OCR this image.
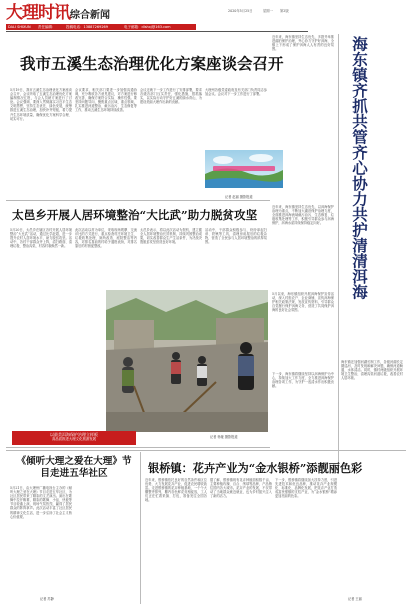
大理时讯 综合新闻
DALI SHIXUN 责任编辑：	投稿电话：13887269269	电子邮箱：dlshxj@163.com
2020年5月25日	星期一 第2版
我市五溪生态治理优化方案座谈会召开
5月19日，我市五溪生态治理优化方案座谈会召开，会议听取了五溪生态治理优化方案编制情况汇报，与会人员就方案进行了讨论。会议强调，要深入贯彻落实习近平生态文明思想，坚持生态优先、绿色发展，统筹推进五溪生态治理，加快补齐短板，着力提升生态环境质量，确保优化方案科学合理、切实可行。
会议要求，相关部门要进一步加强沟通协调，充分吸收各方意见建议，对方案进行修改完善，确保方案符合实际、操作性强。要坚持问题导向，聚焦重点区域、重点领域，扎实推进河道整治、截污治污、生态修复等工作，推动五溪生态环境持续改善。
会议还就下一步工作进行了安排部署，要求各级各部门压实责任，强化措施，狠抓落实，以实际行动守护好五溪的绿水青山，为建设美丽大理作出新的贡献。
大理州各级党委政府及有关部门负责同志参加会议。会议对下一步工作进行了部署。
近年来，海东镇坚持生态优先，多措并举推进湖泊保护治理，齐心协力守护好洱海，全镇上下形成了保护洱海人人有责的良好氛围。
记者 赵丽 摄影报道
太邑乡开展人居环境整治“大比武”助力脱贫攻坚
5月20日，太邑乡在辖区各村开展人居环境整治“大比武”活动，通过比学赶超，进一步提升农村人居环境水平，助力脱贫攻坚。活动中，各村干部群众齐上阵，清扫路面、清理垃圾、整治沟渠，村容村貌焕然一新。
此次活动以村为单位，采取现场观摩、交流评比的方式进行，重点检查村庄环境卫生、垃圾收集处理、厕所改造、庭院整洁等内容，对排名靠前的村给予通报表扬，对排名靠后的村督促整改。
太邑乡表示，将以此次活动为契机，建立健全人居环境整治长效机制，持续巩固整治成果，切实改善群众生产生活条件，为决战决胜脱贫攻坚营造良好环境。
活动中，干部群众积极参与，纷纷拿起扫帚、铁锹等工具，清理房前屋后的垃圾杂物，营造了全民参与人居环境整治的浓厚氛围。
记者 杨娅 摄影报道
以最美洱海保护治理立样板
高品质推进大理文化旅游发展
海东镇齐抓共管齐心协力共护清清洱海
近年来，海东镇坚持生态优先，以洱海保护治理为重点，不断加大湖泊保护治理力度，全面推进洱海流域截污治污、生态修复、垃圾收集处理等工作，积极引导群众参与洱海保护，洱海水质持续保持稳定向好。
5月以来，海东镇组织开展洱海保护宣传活动，深入村组农户、企业商铺，宣传洱海保护相关政策法规，发放宣传资料，引导群众自觉履行保护洱海义务，营造了共同保护洱海的良好社会氛围。
海东镇还加强河湖长制工作，各级河湖长定期巡河，及时发现和解决问题，确保河道畅通、水体清洁。同时，镇村两级组织开展环境卫生整治，清理沟渠河道垃圾，改善农村人居环境。
下一步，海东镇将继续坚持以洱海保护为中心，持续加大工作力度，全力推进洱海保护治理各项工作，为守护一泓清水作出积极贡献。
《倾听大理之爱在大理》节目走进五华社区
5月21日，由大理州广播电视台主办的《倾听大理之爱在大理》节目走进五华社区，为社区居民带来了精彩的文艺演出。演出在歌舞中拉开帷幕，精彩的歌舞、小品、快板等节目轮番上演，现场气氛热烈，赢得了居民群众的阵阵掌声。此次活动丰富了社区居民的精神文化生活，进一步弘扬了社会主义核心价值观。
记者 苏静
银桥镇：花卉产业为“金水银桥”添靓丽色彩
近年来，银桥镇依托良好的自然条件和区位优势，大力发展花卉产业，促进农民增收致富。走进银桥镇的花卉种植基地，一个个大棚整齐排列，棚内各色鲜花竞相绽放，工人们正在忙着采摘、打包，准备发往全国各地。
据了解，银桥镇现有花卉种植面积数千亩，主要种植玫瑰、百合、绣球等品种，产品销往国内各大城市。花卉产业的发展，不仅带动了当地群众就近就业，也为乡村振兴注入了新的活力。
下一步，银桥镇将继续加大扶持力度，引进先进技术和优良品种，推动花卉产业规模化、标准化、品牌化发展，把花卉产业打造成富民强镇的支柱产业，为“金水银桥”增添更加亮丽的色彩。
记者 王丽
